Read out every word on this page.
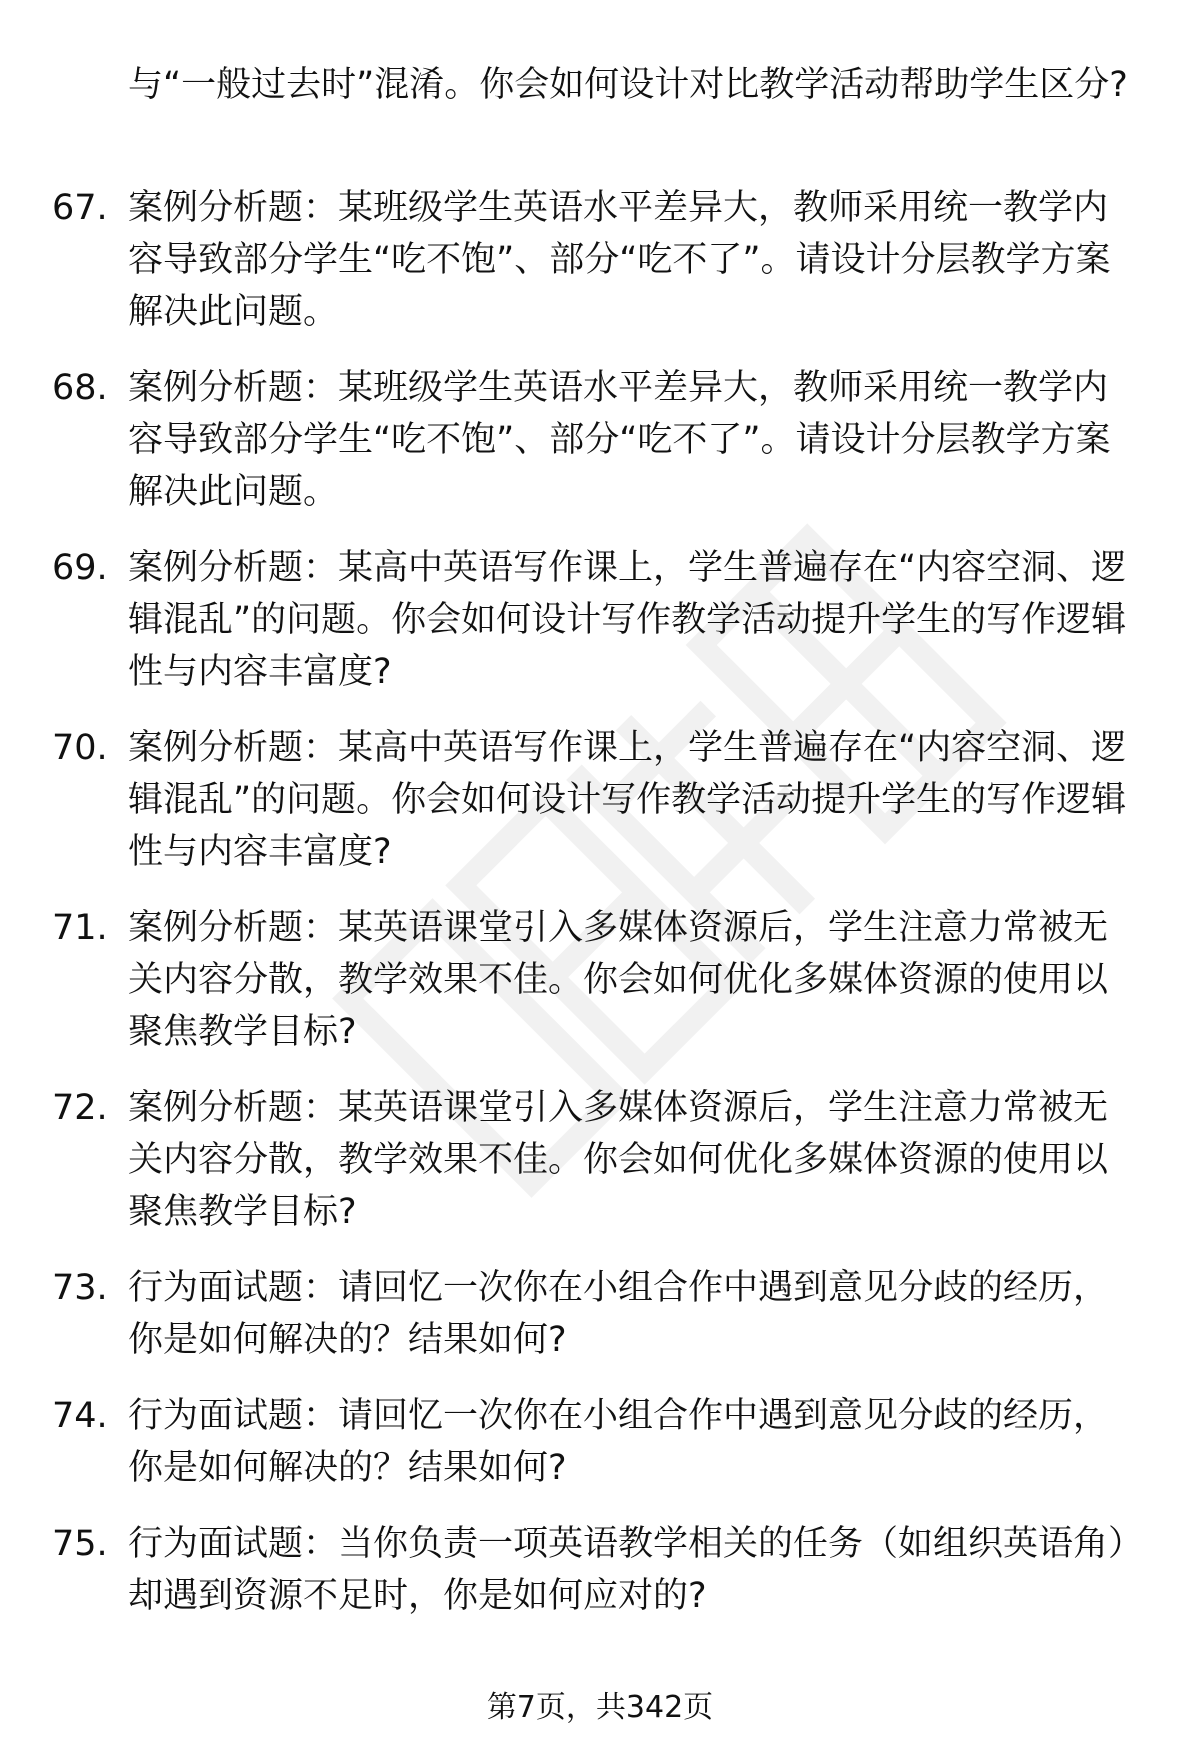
与“一般过去时”混淆。你会如何设计对比教学活动帮助学生区分?

67. 案例分析题：某班级学生英语水平差异大，教师采用统一教学内容导致部分学生“吃不饱”、部分“吃不了”。请设计分层教学方案解决此问题。
68. 案例分析题：某班级学生英语水平差异大，教师采用统一教学内容导致部分学生“吃不饱”、部分“吃不了”。请设计分层教学方案解决此问题。
69. 案例分析题：某高中英语写作课上，学生普遍存在“内容空洞、逻辑混乱”的问题。你会如何设计写作教学活动提升学生的写作逻辑性与内容丰富度?
70. 案例分析题：某高中英语写作课上，学生普遍存在“内容空洞、逻辑混乱”的问题。你会如何设计写作教学活动提升学生的写作逻辑性与内容丰富度?
71. 案例分析题：某英语课堂引入多媒体资源后，学生注意力常被无关内容分散，教学效果不佳。你会如何优化多媒体资源的使用以聚焦教学目标?
72. 案例分析题：某英语课堂引入多媒体资源后，学生注意力常被无关内容分散，教学效果不佳。你会如何优化多媒体资源的使用以聚焦教学目标?
73. 行为面试题：请回忆一次你在小组合作中遇到意见分歧的经历，你是如何解决的？结果如何?
74. 行为面试题：请回忆一次你在小组合作中遇到意见分歧的经历，你是如何解决的？结果如何?
75. 行为面试题：当你负责一项英语教学相关的任务（如组织英语角）却遇到资源不足时，你是如何应对的?
第7页，共342页
